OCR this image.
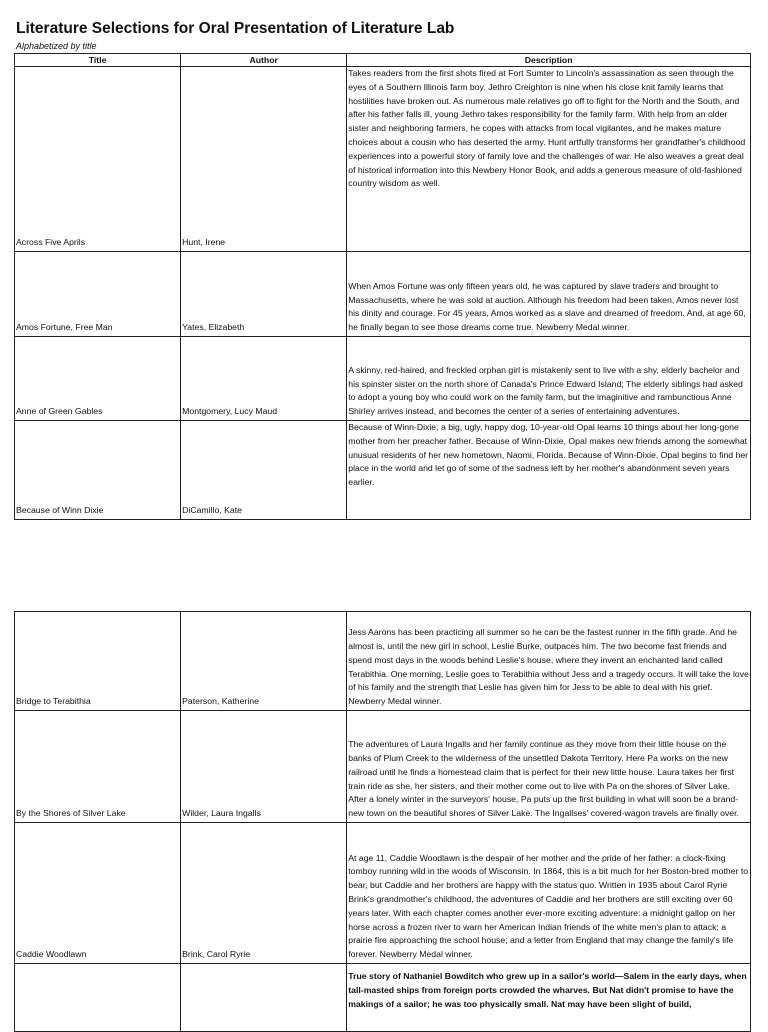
Literature Selections for Oral Presentation of Literature Lab
Alphabetized by title
Title	Author	Description
Across Five Aprils	Hunt, Irene	Takes readers from the first shots fired at Fort Sumter to Lincoln's assassination as seen through the eyes of a Southern Illinois farm boy. Jethro Creighton is nine when his close knit family learns that hostilities have broken out. As numerous male relatives go off to fight for the North and the South, and after his father falls ill, young Jethro takes responsibility for the family farm. With help from an older sister and neighboring farmers, he copes with attacks from local vigilantes, and he makes mature choices about a cousin who has deserted the army. Hunt artfully transforms her grandfather's childhood experiences into a powerful story of family love and the challenges of war. He also weaves a great deal of historical information into this Newbery Honor Book, and adds a generous measure of old-fashioned country wisdom as well.
Amos Fortune, Free Man	Yates, Elizabeth	When Amos Fortune was only fifteen years old, he was captured by slave traders and brought to Massachusetts, where he was sold at auction. Although his freedom had been taken, Amos never lost his dinity and courage. For 45 years, Amos worked as a slave and dreamed of freedom. And, at age 60, he finally began to see those dreams come true. Newberry Medal winner.
Anne of Green Gables	Montgomery, Lucy Maud	A skinny, red-haired, and freckled orphan girl is mistakenly sent to live with a shy, elderly bachelor and his spinster sister on the north shore of Canada's Prince Edward Island; The elderly siblings had asked to adopt a young boy who could work on the family farm, but the imaginitive and rambunctious Anne Shirley arrives instead, and becomes the center of a series of entertaining adventures.
Because of Winn Dixie	DiCamillo, Kate	Because of Winn-Dixie, a big, ugly, happy dog, 10-year-old Opal learns 10 things about her long-gone mother from her preacher father. Because of Winn-Dixie, Opal makes new friends among the somewhat unusual residents of her new hometown, Naomi, Florida. Because of Winn-Dixie, Opal begins to find her place in the world and let go of some of the sadness left by her mother's abandonment seven years earlier.
Bridge to Terabithia	Paterson, Katherine	Jess Aarons has been practicing all summer so he can be the fastest runner in the fifth grade. And he almost is, until the new girl in school, Leslie Burke, outpaces him. The two become fast friends and spend most days in the woods behind Leslie's house, where they invent an enchanted land called Terabithia. One morning, Leslie goes to Terabithia without Jess and a tragedy occurs. It will take the love of his family and the strength that Leslie has given him for Jess to be able to deal with his grief. Newberry Medal winner.
By the Shores of Silver Lake	Wilder, Laura Ingalls	The adventures of Laura Ingalls and her family continue as they move from their little house on the banks of Plum Creek to the wilderness of the unsettled Dakota Territory. Here Pa works on the new railroad until he finds a homestead claim that is perfect for their new little house. Laura takes her first train ride as she, her sisters, and their mother come out to live with Pa on the shores of Silver Lake. After a lonely winter in the surveyors' house, Pa puts up the first building in what will soon be a brand-new town on the beautiful shores of Silver Lake. The Ingallses' covered-wagon travels are finally over.
Caddie Woodlawn	Brink, Carol Ryrie	At age 11, Caddie Woodlawn is the despair of her mother and the pride of her father: a clock-fixing tomboy running wild in the woods of Wisconsin. In 1864, this is a bit much for her Boston-bred mother to bear, but Caddie and her brothers are happy with the status quo. Written in 1935 about Carol Ryrie Brink's grandmother's childhood, the adventures of Caddie and her brothers are still exciting over 60 years later. With each chapter comes another ever-more exciting adventure: a midnight gallop on her horse across a frozen river to warn her American Indian friends of the white men's plan to attack; a prairie fire approaching the school house; and a letter from England that may change the family's life forever. Newberry Medal winner.
		True story of Nathaniel Bowditch who grew up in a sailor's world—Salem in the early days, when tall-masted ships from foreign ports crowded the wharves. But Nat didn't promise to have the makings of a sailor; he was too physically small. Nat may have been slight of build,
